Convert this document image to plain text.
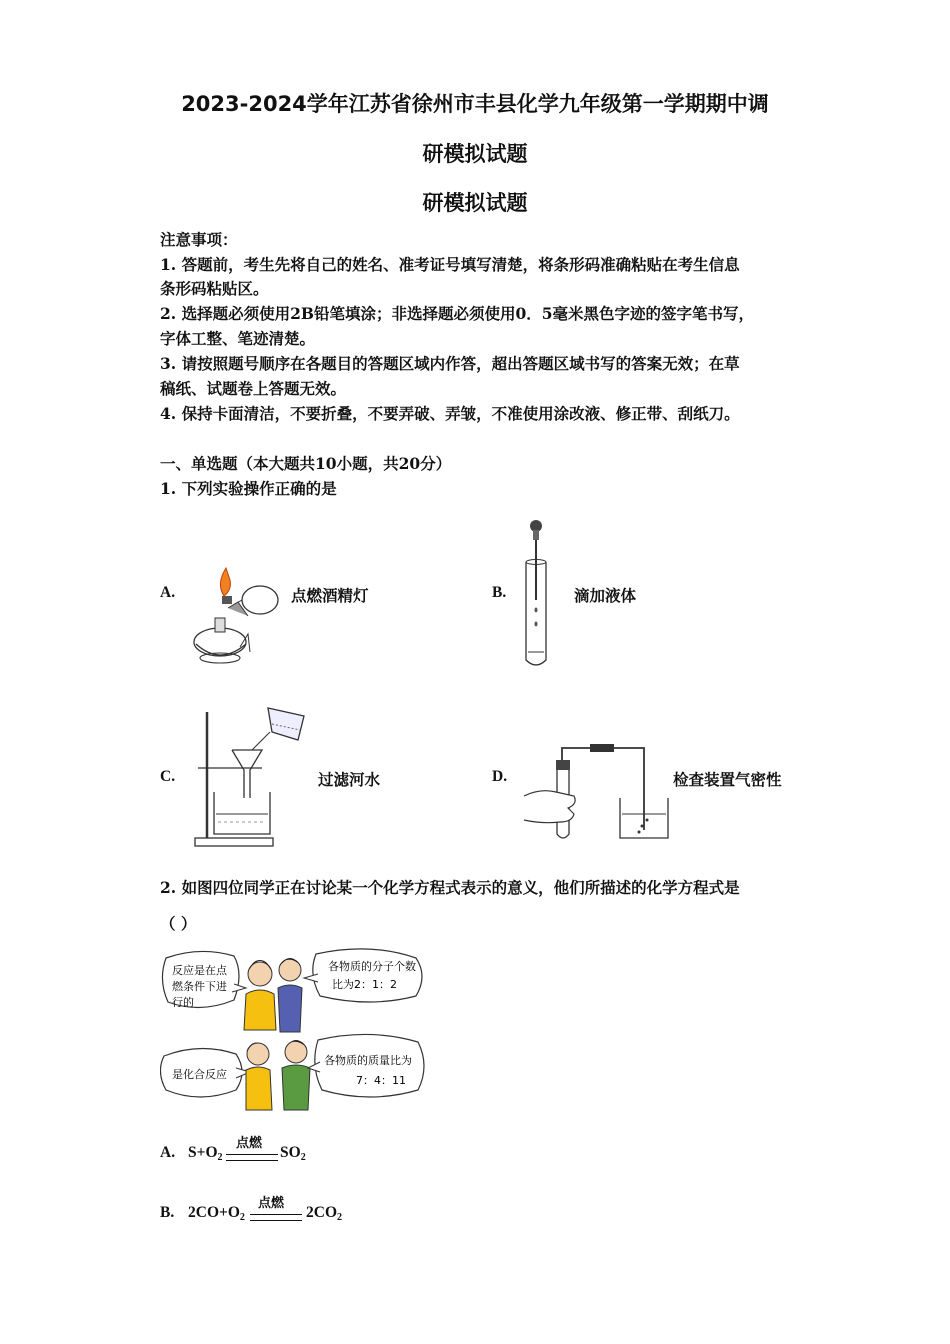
2023-2024学年江苏省徐州市丰县化学九年级第一学期期中调
研模拟试题
研模拟试题
注意事项：
1. 答题前，考生先将自己的姓名、准考证号填写清楚，将条形码准确粘贴在考生信息
条形码粘贴区。
2. 选择题必须使用2B铅笔填涂；非选择题必须使用0．5毫米黑色字迹的签字笔书写，
字体工整、笔迹清楚。
3. 请按照题号顺序在各题目的答题区域内作答，超出答题区域书写的答案无效；在草
稿纸、试题卷上答题无效。
4. 保持卡面清洁，不要折叠，不要弄破、弄皱，不准使用涂改液、修正带、刮纸刀。
一、单选题（本大题共10小题，共20分）
1. 下列实验操作正确的是
A.	点燃酒精灯	B.	滴加液体
C.	过滤河水	D.	检查装置气密性
2. 如图四位同学正在讨论某一个化学方程式表示的意义，他们所描述的化学方程式是
（ ）
反应是在点
燃条件下进
行的
各物质的分子个数
比为2：1：2
是化合反应
各物质的质量比为
7：4：11
A. S+O2
点燃
SO2
B. 2CO+O2
点燃
2CO2
